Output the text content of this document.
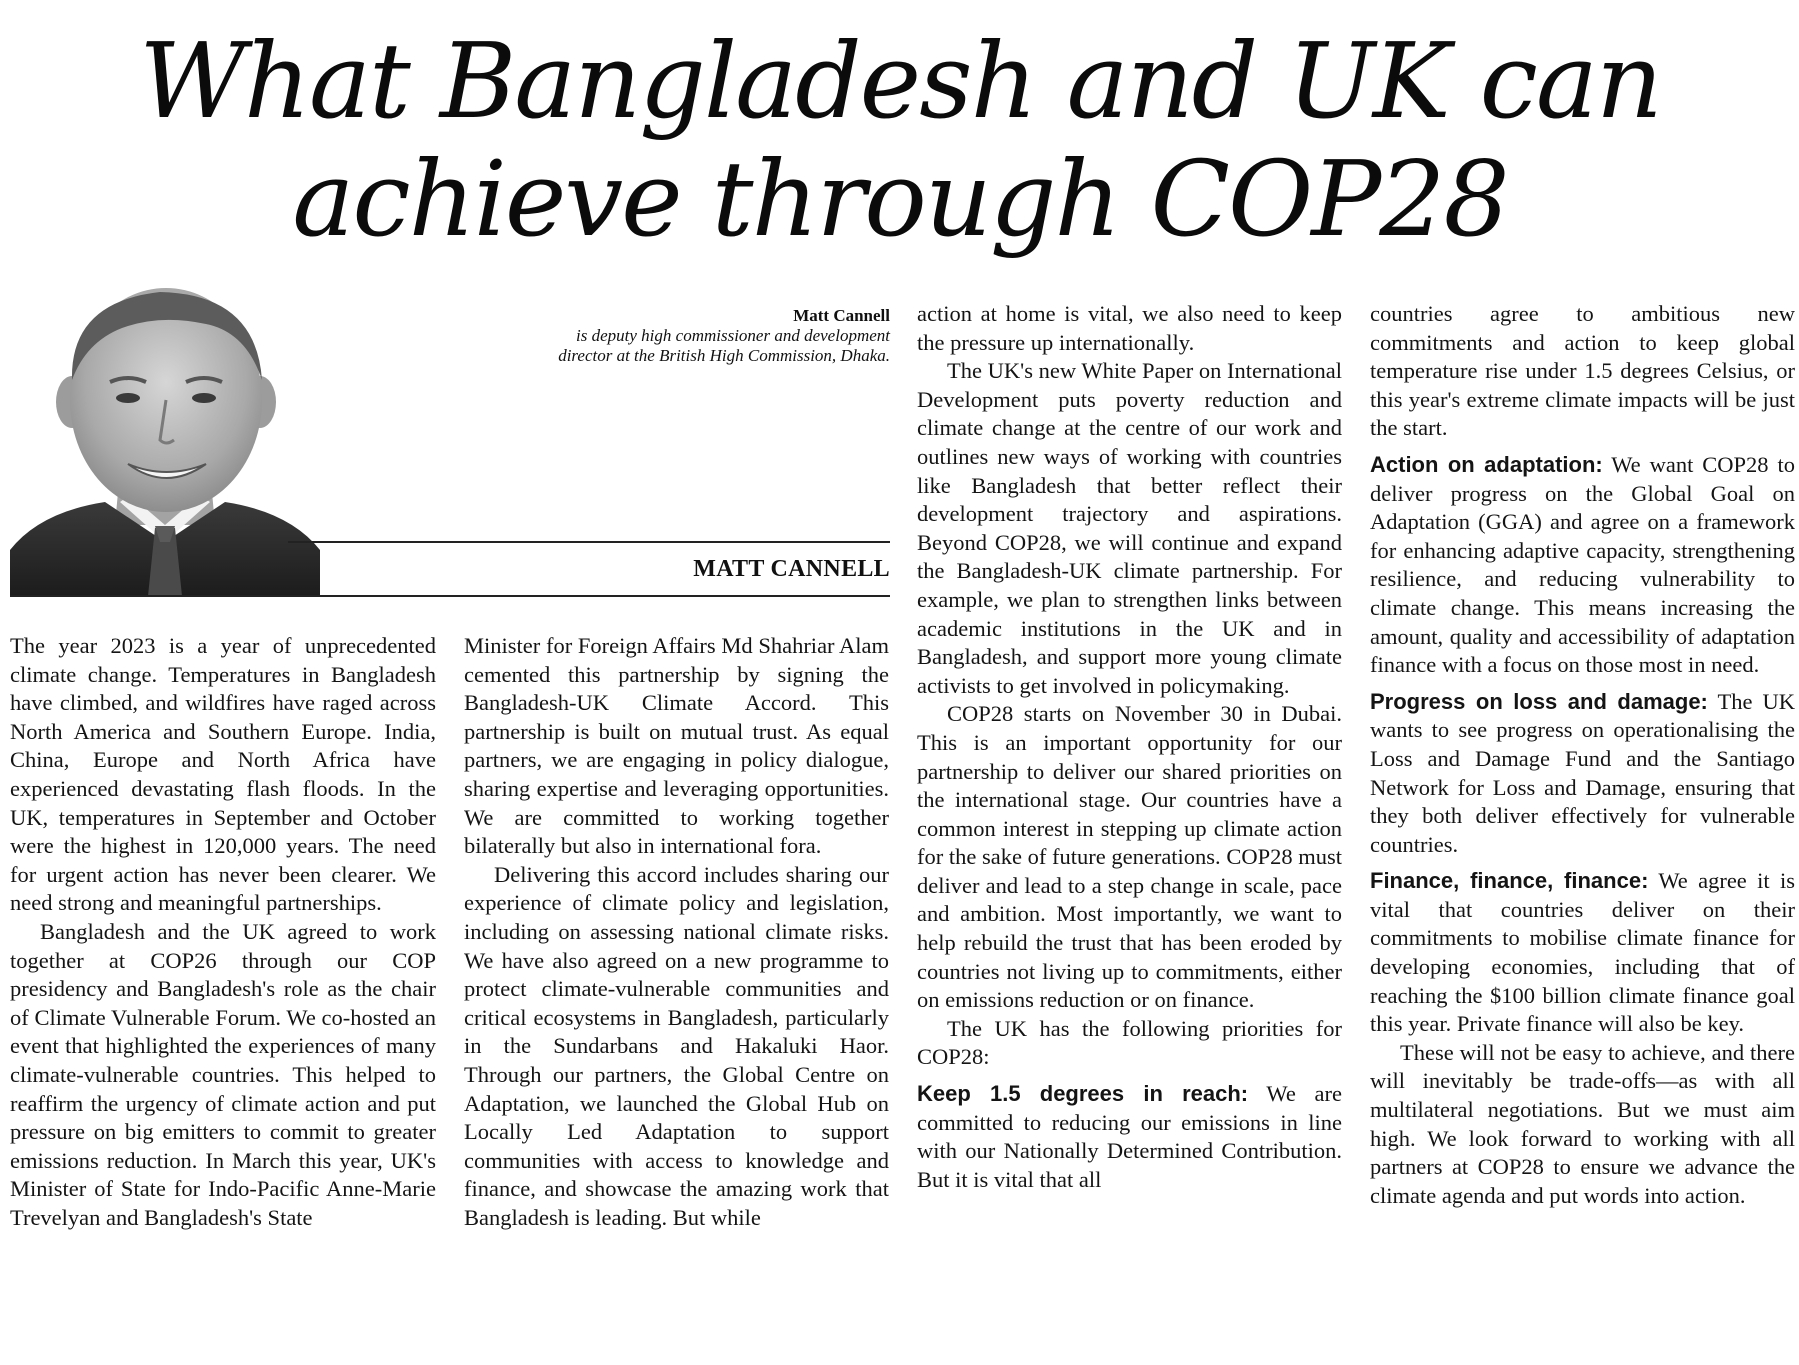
What Bangladesh and UK can achieve through COP28
Matt Cannell
is deputy high commissioner and development director at the British High Commission, Dhaka.
MATT CANNELL

The year 2023 is a year of unprecedented climate change. Temperatures in Bangladesh have climbed, and wildfires have raged across North America and Southern Europe. India, China, Europe and North Africa have experienced devastating flash floods. In the UK, temperatures in September and October were the highest in 120,000 years. The need for urgent action has never been clearer. We need strong and meaningful partnerships.

Bangladesh and the UK agreed to work together at COP26 through our COP presidency and Bangladesh's role as the chair of Climate Vulnerable Forum. We co-hosted an event that highlighted the experiences of many climate-vulnerable countries. This helped to reaffirm the urgency of climate action and put pressure on big emitters to commit to greater emissions reduction. In March this year, UK's Minister of State for Indo-Pacific Anne-Marie Trevelyan and Bangladesh's State

Minister for Foreign Affairs Md Shahriar Alam cemented this partnership by signing the Bangladesh-UK Climate Accord. This partnership is built on mutual trust. As equal partners, we are engaging in policy dialogue, sharing expertise and leveraging opportunities. We are committed to working together bilaterally but also in international fora.

Delivering this accord includes sharing our experience of climate policy and legislation, including on assessing national climate risks. We have also agreed on a new programme to protect climate-vulnerable communities and critical ecosystems in Bangladesh, particularly in the Sundarbans and Hakaluki Haor. Through our partners, the Global Centre on Adaptation, we launched the Global Hub on Locally Led Adaptation to support communities with access to knowledge and finance, and showcase the amazing work that Bangladesh is leading. But while

action at home is vital, we also need to keep the pressure up internationally.

The UK's new White Paper on International Development puts poverty reduction and climate change at the centre of our work and outlines new ways of working with countries like Bangladesh that better reflect their development trajectory and aspirations. Beyond COP28, we will continue and expand the Bangladesh-UK climate partnership. For example, we plan to strengthen links between academic institutions in the UK and in Bangladesh, and support more young climate activists to get involved in policymaking.

COP28 starts on November 30 in Dubai. This is an important opportunity for our partnership to deliver our shared priorities on the international stage. Our countries have a common interest in stepping up climate action for the sake of future generations. COP28 must deliver and lead to a step change in scale, pace and ambition. Most importantly, we want to help rebuild the trust that has been eroded by countries not living up to commitments, either on emissions reduction or on finance.

The UK has the following priorities for COP28:

Keep 1.5 degrees in reach: We are committed to reducing our emissions in line with our Nationally Determined Contribution. But it is vital that all

countries agree to ambitious new commitments and action to keep global temperature rise under 1.5 degrees Celsius, or this year's extreme climate impacts will be just the start.

Action on adaptation: We want COP28 to deliver progress on the Global Goal on Adaptation (GGA) and agree on a framework for enhancing adaptive capacity, strengthening resilience, and reducing vulnerability to climate change. This means increasing the amount, quality and accessibility of adaptation finance with a focus on those most in need.

Progress on loss and damage: The UK wants to see progress on operationalising the Loss and Damage Fund and the Santiago Network for Loss and Damage, ensuring that they both deliver effectively for vulnerable countries.

Finance, finance, finance: We agree it is vital that countries deliver on their commitments to mobilise climate finance for developing economies, including that of reaching the $100 billion climate finance goal this year. Private finance will also be key.

These will not be easy to achieve, and there will inevitably be trade-offs—as with all multilateral negotiations. But we must aim high. We look forward to working with all partners at COP28 to ensure we advance the climate agenda and put words into action.
